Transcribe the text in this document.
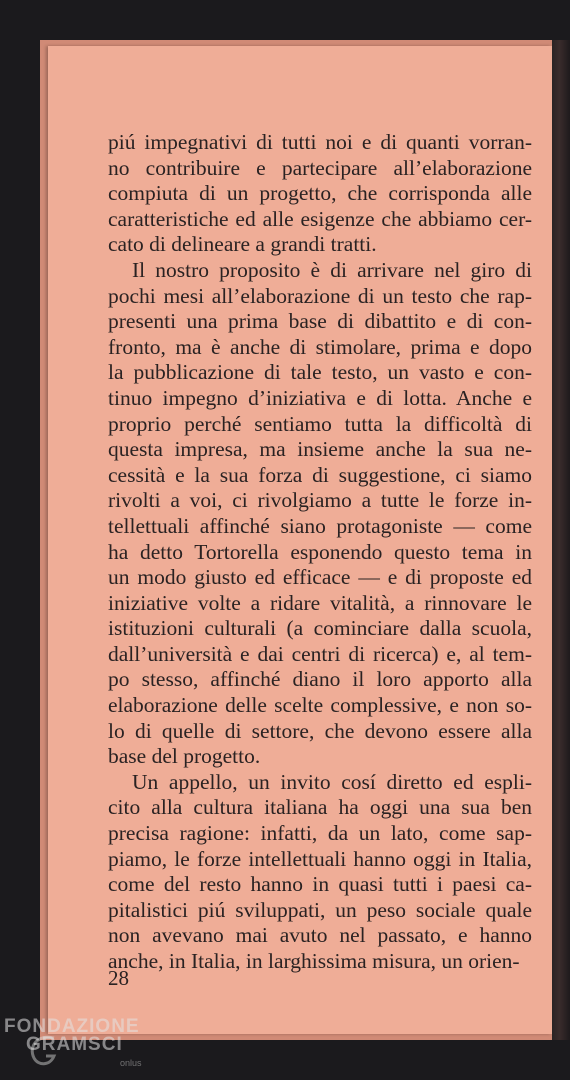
piú impegnativi di tutti noi e di quanti vorran-
no contribuire e partecipare all’elaborazione
compiuta di un progetto, che corrisponda alle
caratteristiche ed alle esigenze che abbiamo cer-
cato di delineare a grandi tratti.
Il nostro proposito è di arrivare nel giro di
pochi mesi all’elaborazione di un testo che rap-
presenti una prima base di dibattito e di con-
fronto, ma è anche di stimolare, prima e dopo
la pubblicazione di tale testo, un vasto e con-
tinuo impegno d’iniziativa e di lotta. Anche e
proprio perché sentiamo tutta la difficoltà di
questa impresa, ma insieme anche la sua ne-
cessità e la sua forza di suggestione, ci siamo
rivolti a voi, ci rivolgiamo a tutte le forze in-
tellettuali affinché siano protagoniste — come
ha detto Tortorella esponendo questo tema in
un modo giusto ed efficace — e di proposte ed
iniziative volte a ridare vitalità, a rinnovare le
istituzioni culturali (a cominciare dalla scuola,
dall’università e dai centri di ricerca) e, al tem-
po stesso, affinché diano il loro apporto alla
elaborazione delle scelte complessive, e non so-
lo di quelle di settore, che devono essere alla
base del progetto.
Un appello, un invito cosí diretto ed espli-
cito alla cultura italiana ha oggi una sua ben
precisa ragione: infatti, da un lato, come sap-
piamo, le forze intellettuali hanno oggi in Italia,
come del resto hanno in quasi tutti i paesi ca-
pitalistici piú sviluppati, un peso sociale quale
non avevano mai avuto nel passato, e hanno
anche, in Italia, in larghissima misura, un orien-
28
FONDAZIONE
GRAMSCI
onlus
